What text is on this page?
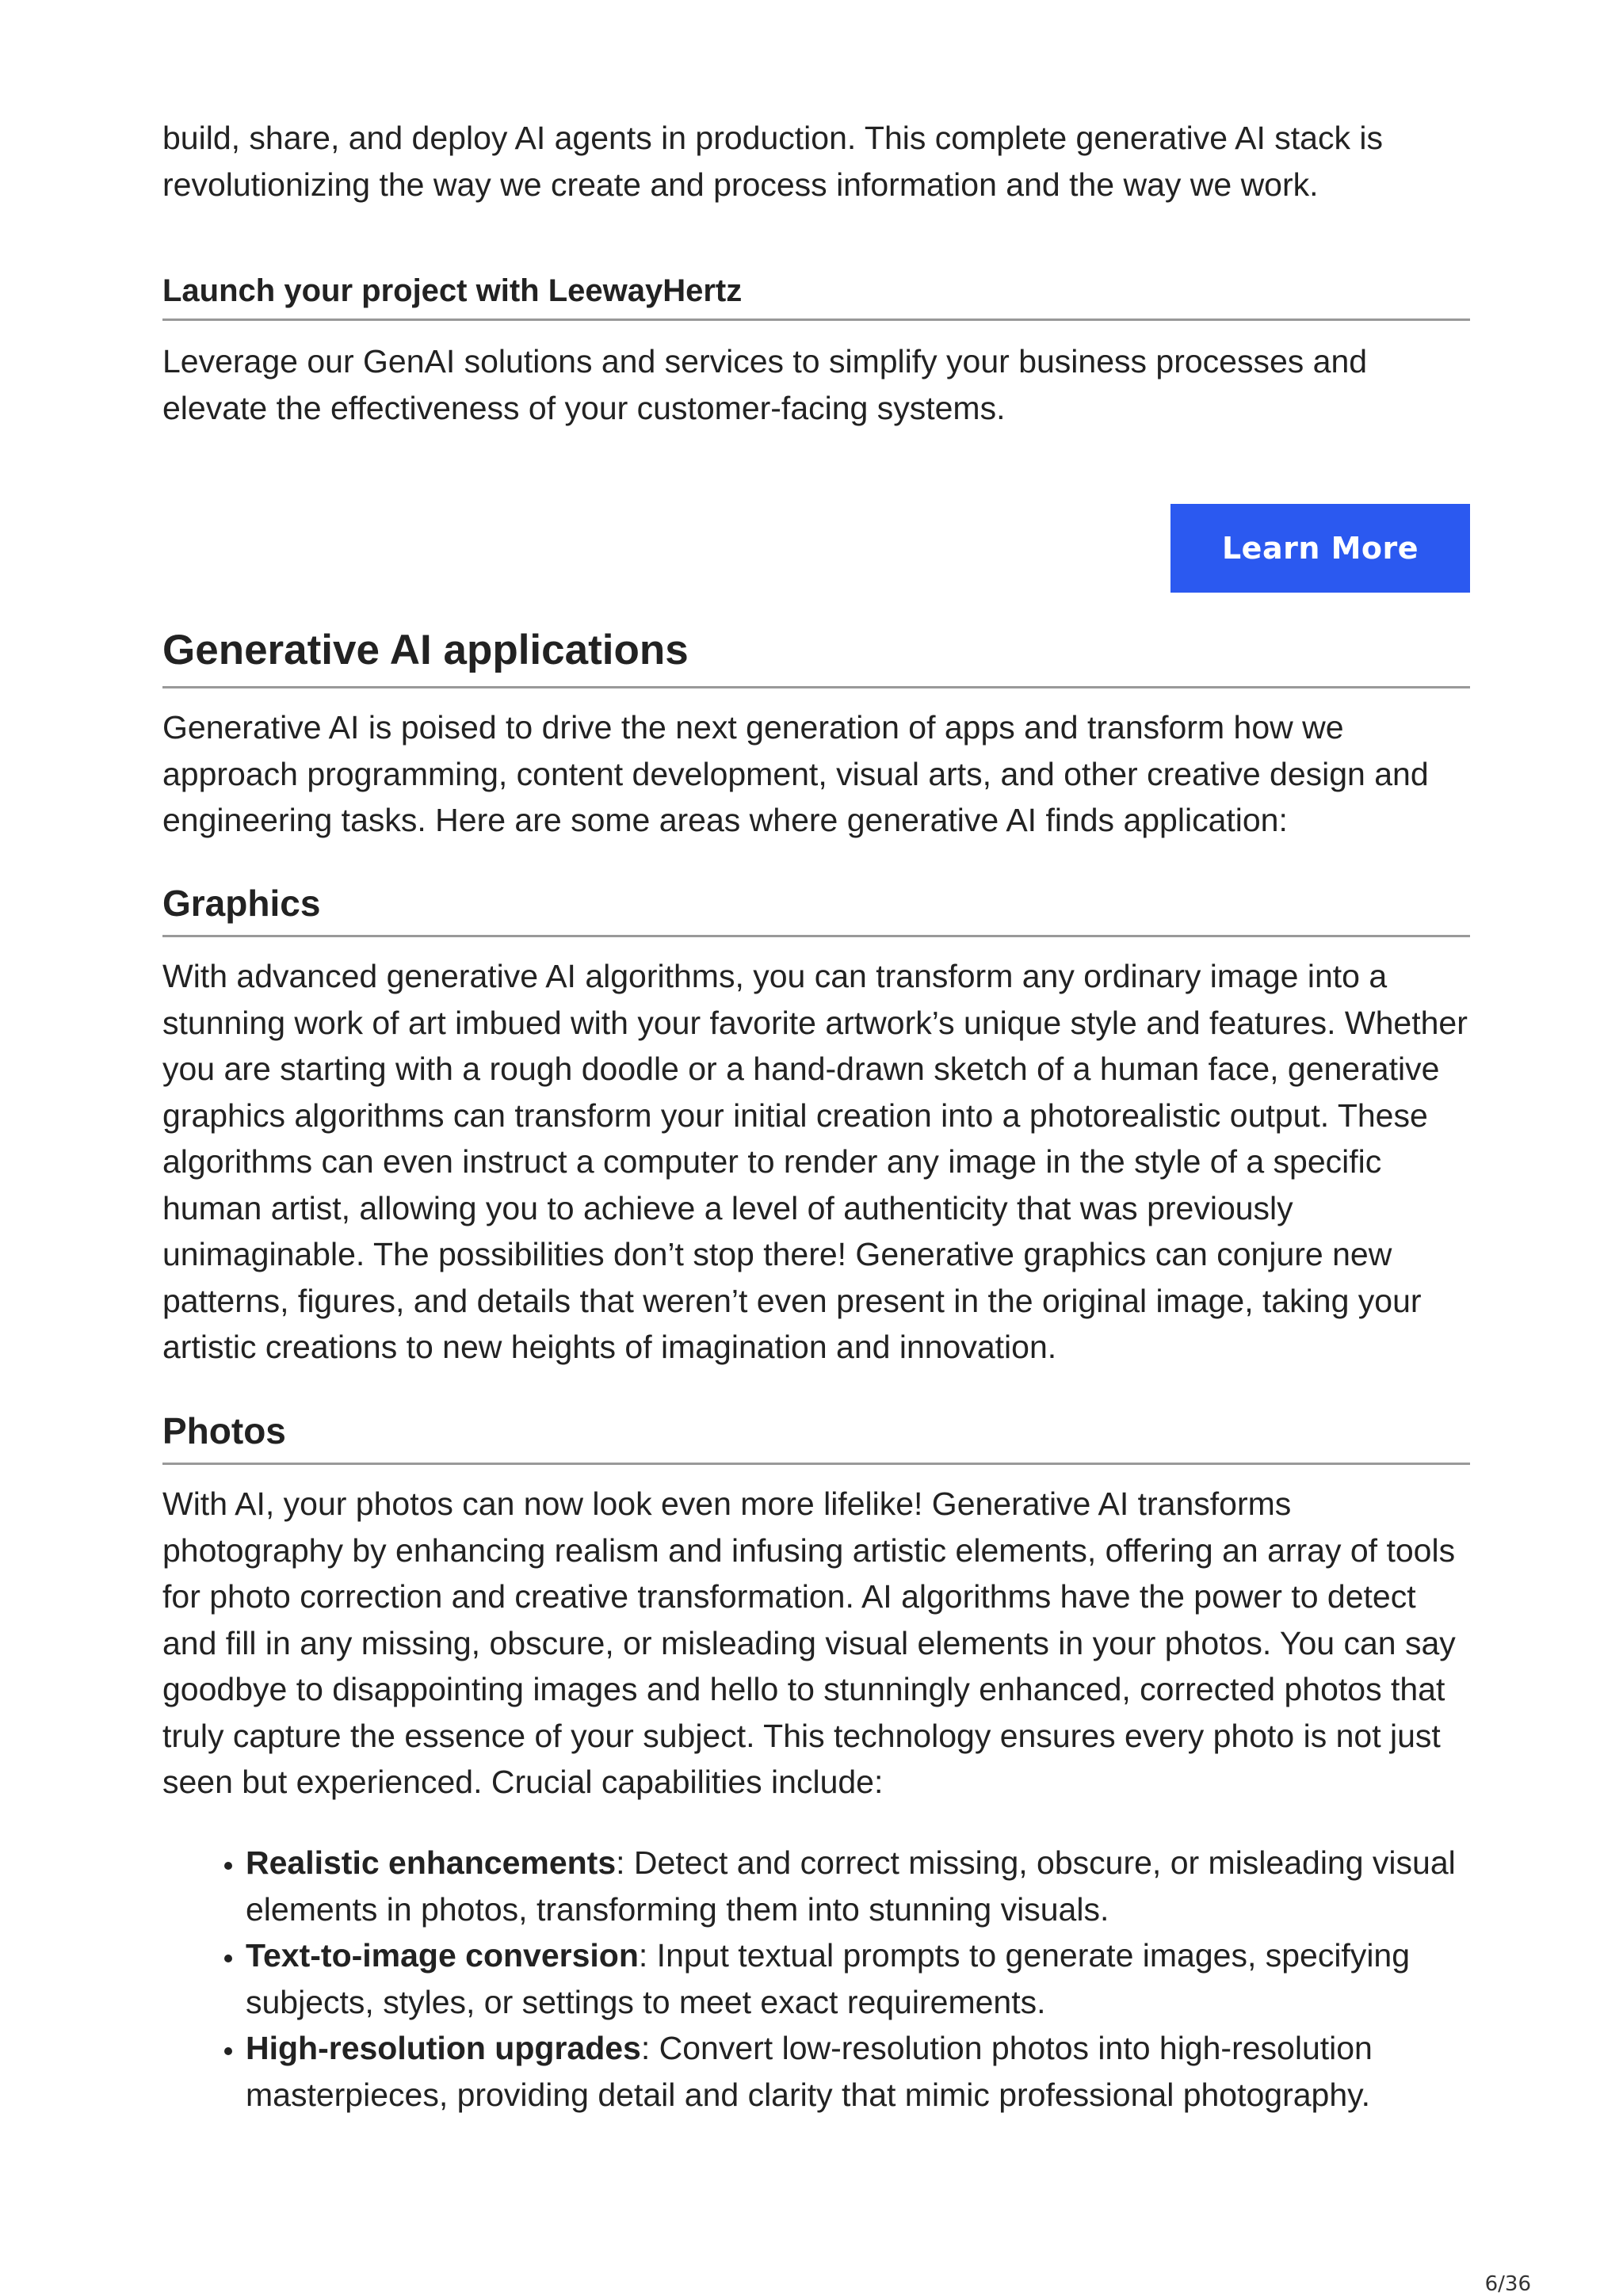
build, share, and deploy AI agents in production. This complete generative AI stack is revolutionizing the way we create and process information and the way we work.

Launch your project with LeewayHertz

Leverage our GenAI solutions and services to simplify your business processes and elevate the effectiveness of your customer-facing systems.

Learn More
Generative AI applications

Generative AI is poised to drive the next generation of apps and transform how we approach programming, content development, visual arts, and other creative design and engineering tasks. Here are some areas where generative AI finds application:

Graphics

With advanced generative AI algorithms, you can transform any ordinary image into a stunning work of art imbued with your favorite artwork’s unique style and features. Whether you are starting with a rough doodle or a hand-drawn sketch of a human face, generative graphics algorithms can transform your initial creation into a photorealistic output. These algorithms can even instruct a computer to render any image in the style of a specific human artist, allowing you to achieve a level of authenticity that was previously unimaginable. The possibilities don’t stop there! Generative graphics can conjure new patterns, figures, and details that weren’t even present in the original image, taking your artistic creations to new heights of imagination and innovation.

Photos

With AI, your photos can now look even more lifelike! Generative AI transforms photography by enhancing realism and infusing artistic elements, offering an array of tools for photo correction and creative transformation. AI algorithms have the power to detect and fill in any missing, obscure, or misleading visual elements in your photos. You can say goodbye to disappointing images and hello to stunningly enhanced, corrected photos that truly capture the essence of your subject. This technology ensures every photo is not just seen but experienced. Crucial capabilities include:

• Realistic enhancements: Detect and correct missing, obscure, or misleading visual elements in photos, transforming them into stunning visuals.
• Text-to-image conversion: Input textual prompts to generate images, specifying subjects, styles, or settings to meet exact requirements.
• High-resolution upgrades: Convert low-resolution photos into high-resolution masterpieces, providing detail and clarity that mimic professional photography.

6/36
